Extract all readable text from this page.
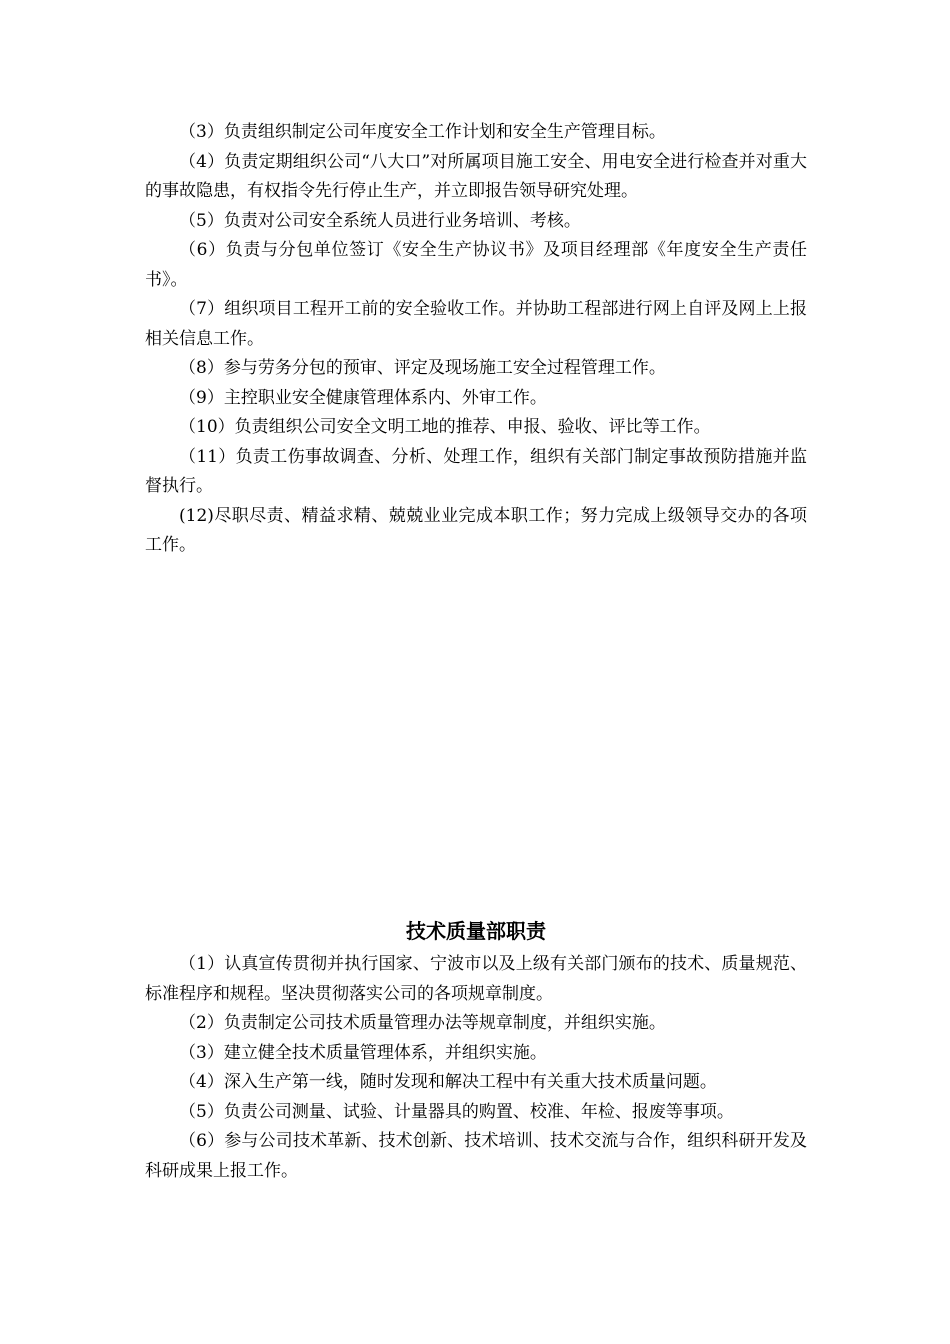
（3）负责组织制定公司年度安全工作计划和安全生产管理目标。

（4）负责定期组织公司“八大口”对所属项目施工安全、用电安全进行检查并对重大的事故隐患，有权指令先行停止生产，并立即报告领导研究处理。

（5）负责对公司安全系统人员进行业务培训、考核。

（6）负责与分包单位签订《安全生产协议书》及项目经理部《年度安全生产责任书》。

（7）组织项目工程开工前的安全验收工作。并协助工程部进行网上自评及网上上报相关信息工作。

（8）参与劳务分包的预审、评定及现场施工安全过程管理工作。

（9）主控职业安全健康管理体系内、外审工作。

（10）负责组织公司安全文明工地的推荐、申报、验收、评比等工作。

（11）负责工伤事故调查、分析、处理工作，组织有关部门制定事故预防措施并监督执行。

(12)尽职尽责、精益求精、兢兢业业完成本职工作；努力完成上级领导交办的各项工作。

技术质量部职责

（1）认真宣传贯彻并执行国家、宁波市以及上级有关部门颁布的技术、质量规范、标准程序和规程。坚决贯彻落实公司的各项规章制度。

（2）负责制定公司技术质量管理办法等规章制度，并组织实施。

（3）建立健全技术质量管理体系，并组织实施。

（4）深入生产第一线，随时发现和解决工程中有关重大技术质量问题。

（5）负责公司测量、试验、计量器具的购置、校准、年检、报废等事项。

（6）参与公司技术革新、技术创新、技术培训、技术交流与合作，组织科研开发及科研成果上报工作。
